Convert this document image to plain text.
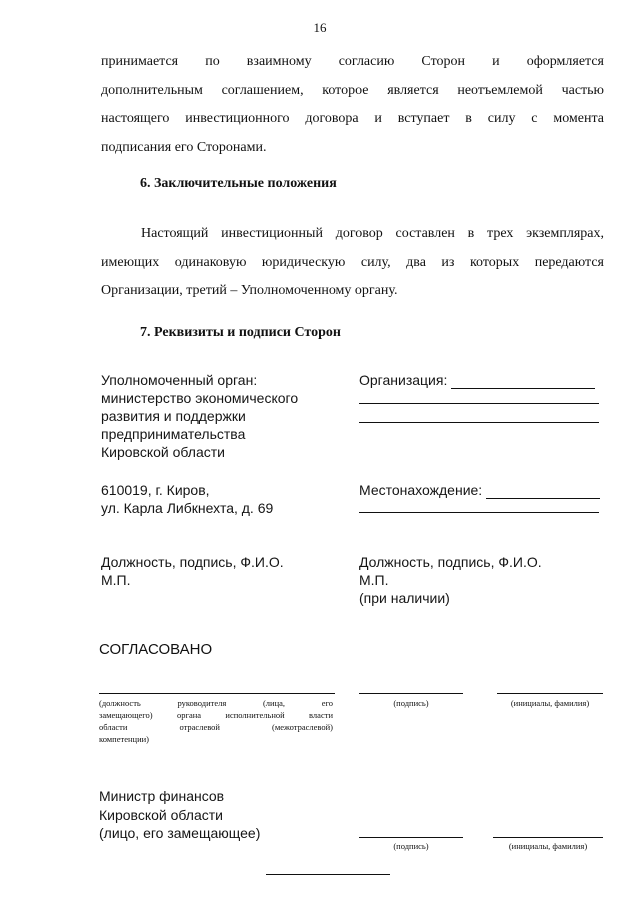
16
принимается по взаимному согласию Сторон и оформляется
дополнительным соглашением, которое является неотъемлемой частью
настоящего инвестиционного договора и вступает в силу с момента
подписания его Сторонами.
6. Заключительные положения
Настоящий инвестиционный договор составлен в трех экземплярах,
имеющих одинаковую юридическую силу, два из которых передаются
Организации, третий – Уполномоченному органу.
7. Реквизиты и подписи Сторон
Уполномоченный орган:
министерство экономического
развития и поддержки
предпринимательства
Кировской области
610019, г. Киров,
ул. Карла Либкнехта, д. 69
Должность, подпись, Ф.И.О.
М.П.
Организация:
Местонахождение:
Должность, подпись, Ф.И.О.
М.П.
(при наличии)
СОГЛАСОВАНО
(должность руководителя (лица, его
замещающего) органа исполнительной власти
области отраслевой (межотраслевой)
компетенции)
(подпись)	(инициалы, фамилия)
Министр финансов
Кировской области
(лицо, его замещающее)
(подпись)	(инициалы, фамилия)
